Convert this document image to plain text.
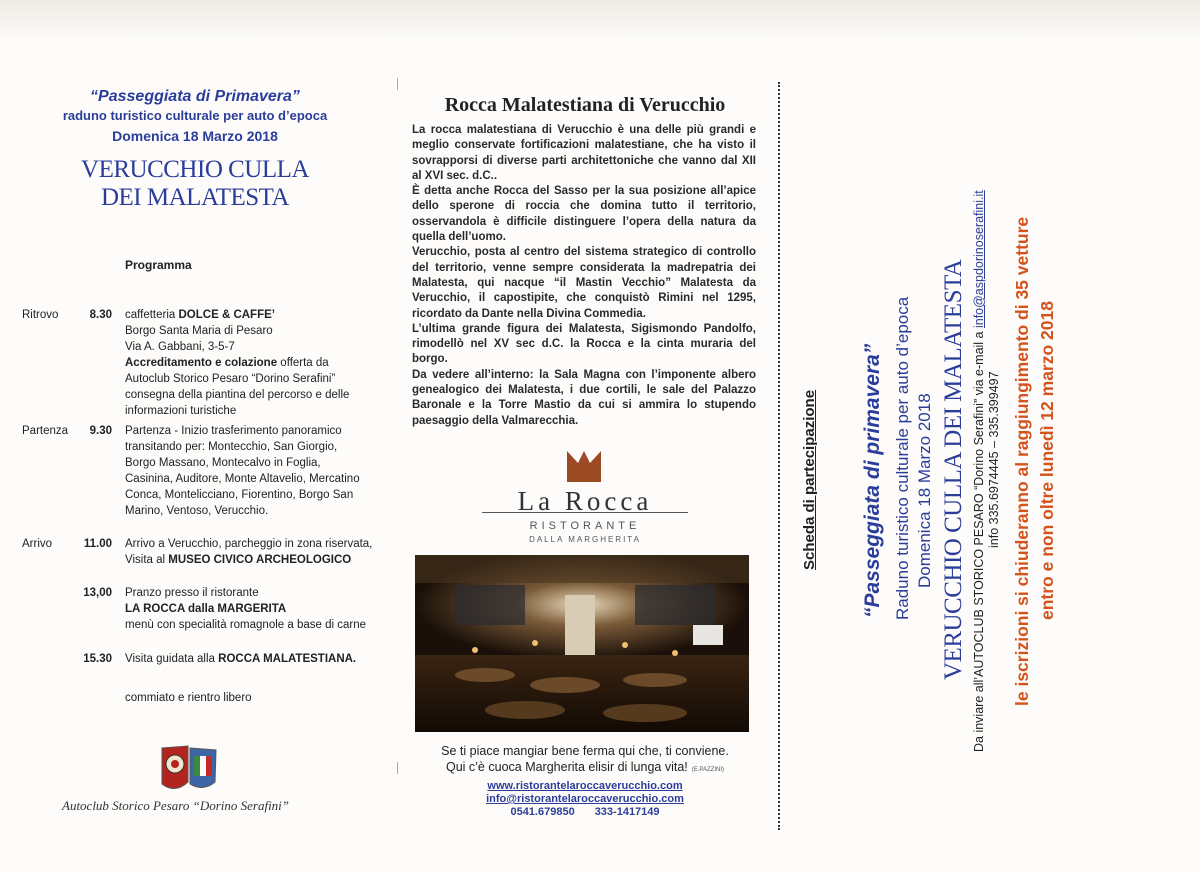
“Passeggiata di Primavera”
raduno turistico culturale per auto d’epoca
Domenica 18 Marzo 2018
VERUCCHIO CULLA
DEI MALATESTA
Programma
Ritrovo	8.30 caffetteria DOLCE & CAFFE’
Borgo Santa Maria di Pesaro
Via A. Gabbani, 3-5-7
Accreditamento e colazione offerta da
Autoclub Storico Pesaro “Dorino Serafini”
consegna della piantina del percorso e delle
informazioni turistiche
Partenza	9.30 Partenza - Inizio trasferimento panoramico transitando per: Montecchio, San Giorgio, Borgo Massano, Montecalvo in Foglia, Casinina, Auditore, Monte Altavelio, Mercatino Conca, Montelicciano, Fiorentino, Borgo San Marino, Ventoso, Verucchio.
Arrivo	11.00 Arrivo a Verucchio, parcheggio in zona riservata,
Visita al MUSEO CIVICO ARCHEOLOGICO
13,00 Pranzo presso il ristorante
LA ROCCA dalla MARGERITA
menù con specialità romagnole a base di carne
15.30 Visita guidata alla ROCCA MALATESTIANA.
commiato e rientro libero
Autoclub Storico Pesaro “Dorino Serafini”
Rocca Malatestiana di Verucchio

La rocca malatestiana di Verucchio è una delle più grandi e meglio conservate fortificazioni malatestiane, che ha visto il sovrapporsi di diverse parti architettoniche che vanno dal XII al XVI sec. d.C..

È detta anche Rocca del Sasso per la sua posizione all’apice dello sperone di roccia che domina tutto il territorio, osservandola è difficile distinguere l’opera della natura da quella dell’uomo.

Verucchio, posta al centro del sistema strategico di controllo del territorio, venne sempre considerata la madrepatria dei Malatesta, qui nacque “il Mastin Vecchio” Malatesta da Verucchio, il capostipite, che conquistò Rimini nel 1295, ricordato da Dante nella Divina Commedia.

L’ultima grande figura dei Malatesta, Sigismondo Pandolfo, rimodellò nel XV sec d.C. la Rocca e la cinta muraria del borgo.

Da vedere all’interno: la Sala Magna con l’imponente albero genealogico dei Malatesta, i due cortili, le sale del Palazzo Baronale e la Torre Mastio da cui si ammira lo stupendo paesaggio della Valmarecchia.

La Rocca
RISTORANTE
DALLA MARGHERITA
Se ti piace mangiar bene ferma qui che, ti conviene.
Qui c’è cuoca Margherita elisir di lunga vita! (E.PAZZINI)
www.ristorantelaroccaverucchio.com
info@ristorantelaroccaverucchio.com
0541.679850 333-1417149
Scheda di partecipazione “Passeggiata di primavera” Raduno turistico culturale per auto d’epoca Domenica 18 Marzo 2018 VERUCCHIO CULLA DEI MALATESTA Da inviare all’AUTOCLUB STORICO PESARO “Dorino Serafini” via e-mail a info@aspdorinoserafini.it
info 335.6974445 – 335.399497 le iscrizioni si chiuderanno al raggiungimento di 35 vetture entro e non oltre lunedì 12 marzo 2018
